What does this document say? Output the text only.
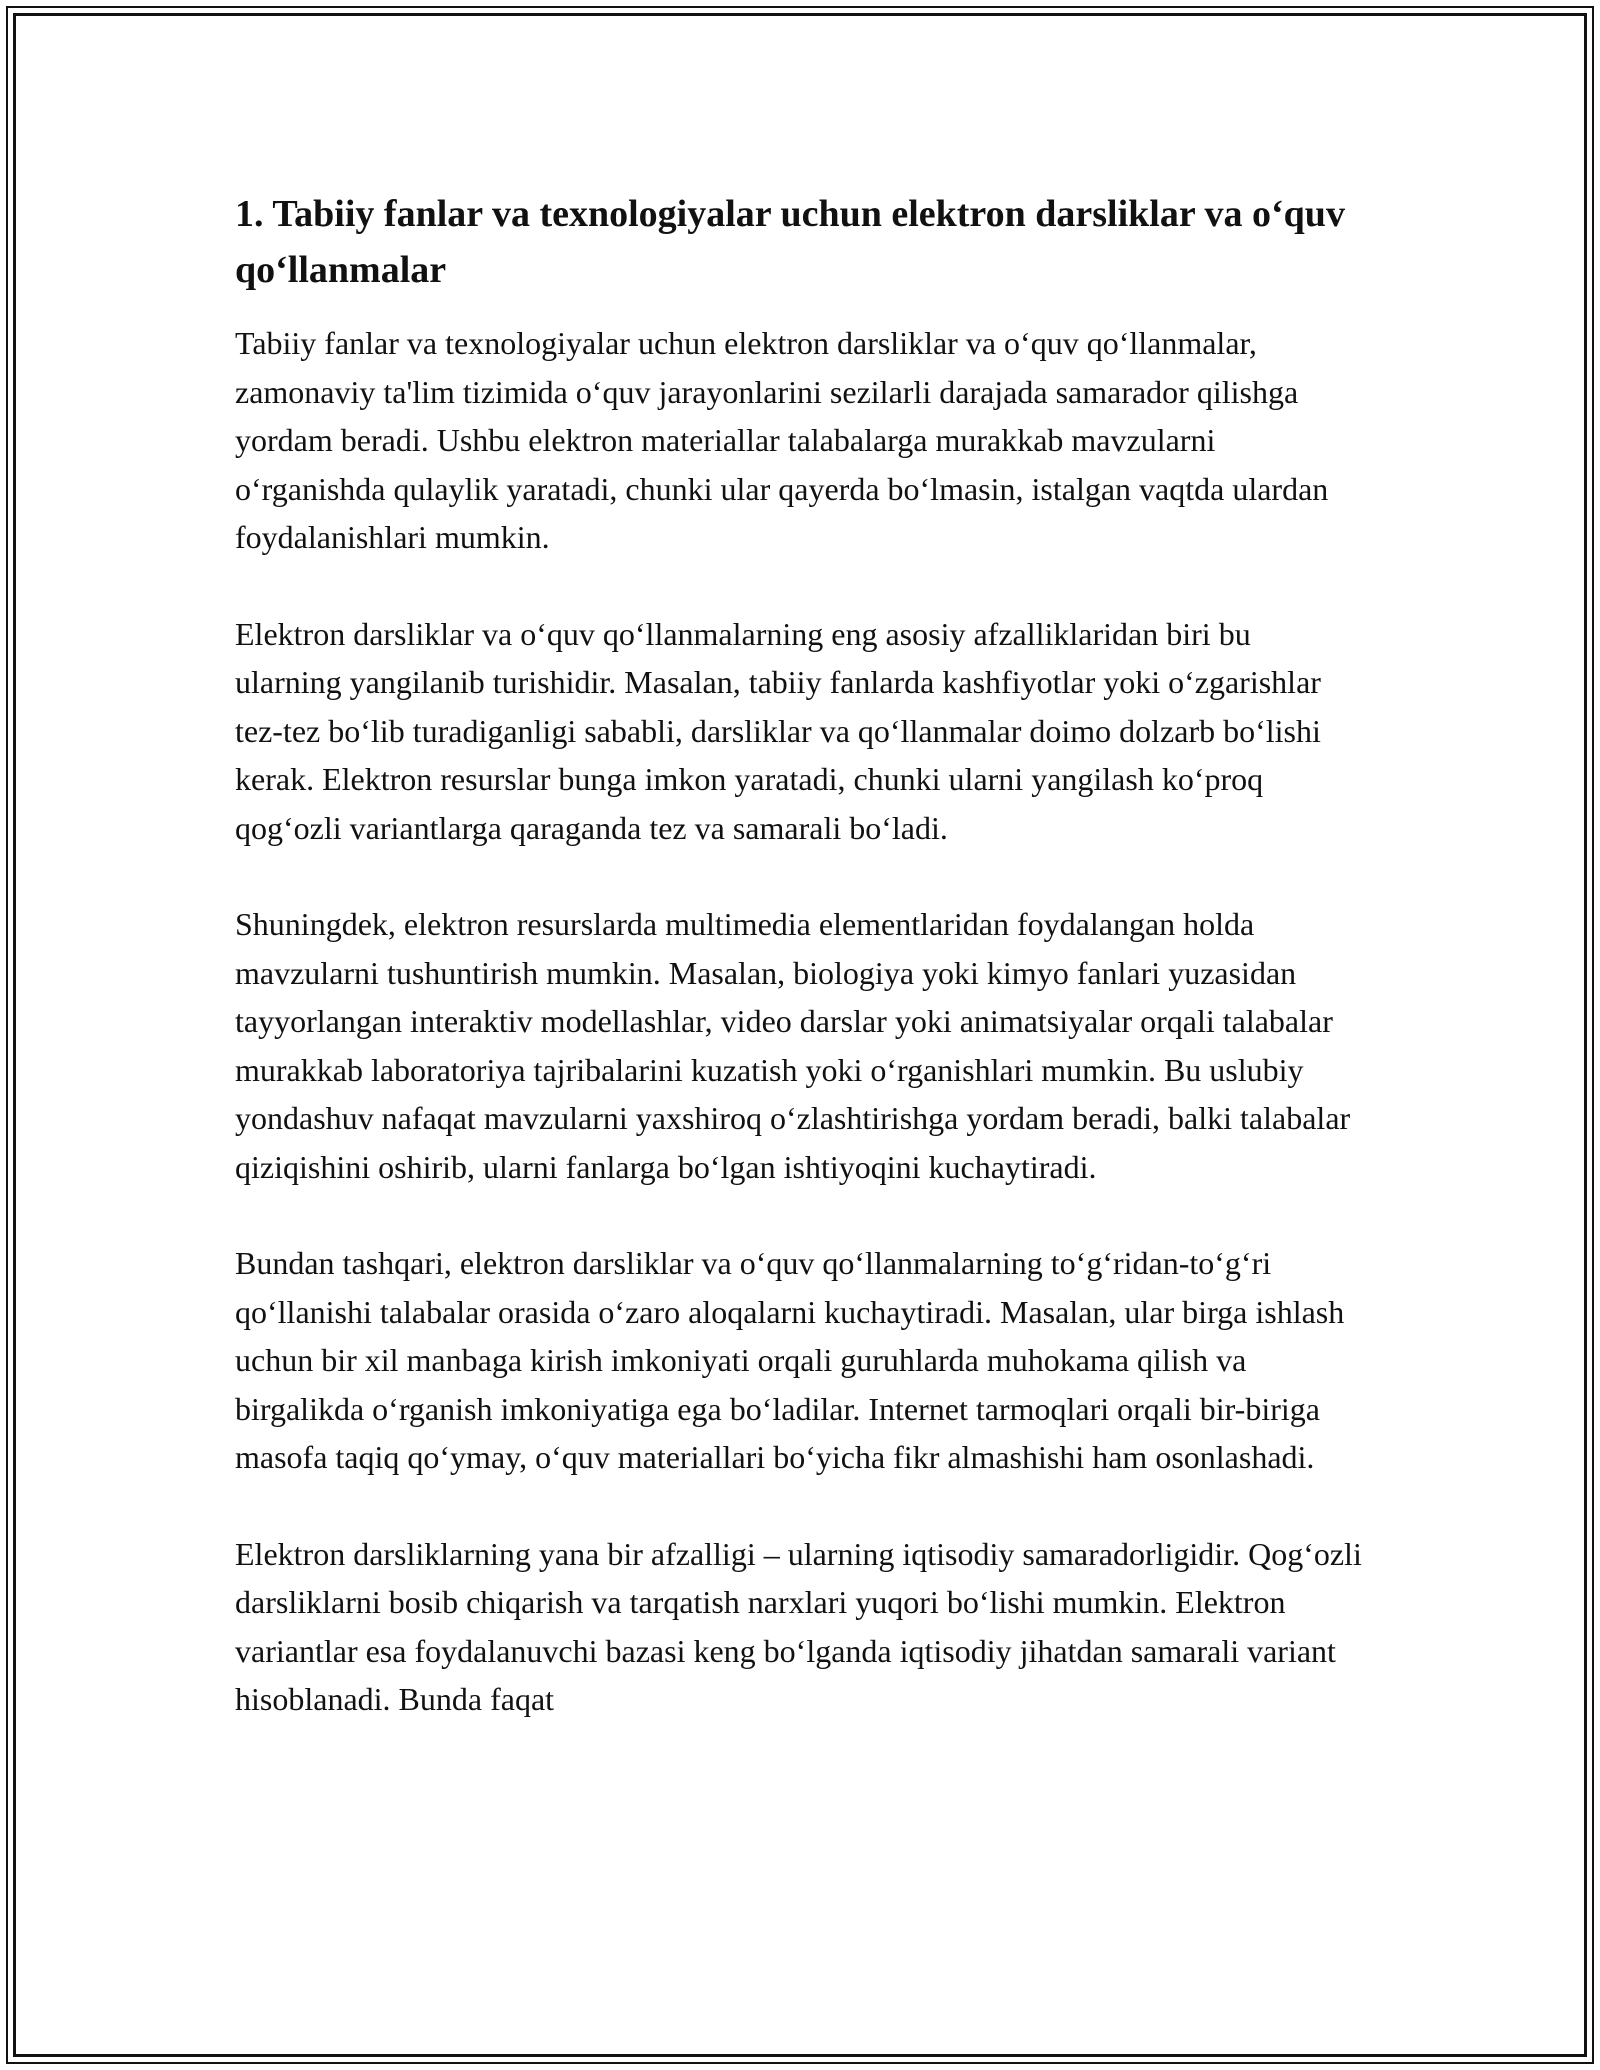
1. Tabiiy fanlar va texnologiyalar uchun elektron darsliklar va o‘quv qo‘llanmalar

Tabiiy fanlar va texnologiyalar uchun elektron darsliklar va o‘quv qo‘llanmalar, zamonaviy ta'lim tizimida o‘quv jarayonlarini sezilarli darajada samarador qilishga yordam beradi. Ushbu elektron materiallar talabalarga murakkab mavzularni o‘rganishda qulaylik yaratadi, chunki ular qayerda bo‘lmasin, istalgan vaqtda ulardan foydalanishlari mumkin.

Elektron darsliklar va o‘quv qo‘llanmalarning eng asosiy afzalliklaridan biri bu ularning yangilanib turishidir. Masalan, tabiiy fanlarda kashfiyotlar yoki o‘zgarishlar tez-tez bo‘lib turadiganligi sababli, darsliklar va qo‘llanmalar doimo dolzarb bo‘lishi kerak. Elektron resurslar bunga imkon yaratadi, chunki ularni yangilash ko‘proq qog‘ozli variantlarga qaraganda tez va samarali bo‘ladi.

Shuningdek, elektron resurslarda multimedia elementlaridan foydalangan holda mavzularni tushuntirish mumkin. Masalan, biologiya yoki kimyo fanlari yuzasidan tayyorlangan interaktiv modellashlar, video darslar yoki animatsiyalar orqali talabalar murakkab laboratoriya tajribalarini kuzatish yoki o‘rganishlari mumkin. Bu uslubiy yondashuv nafaqat mavzularni yaxshiroq o‘zlashtirishga yordam beradi, balki talabalar qiziqishini oshirib, ularni fanlarga bo‘lgan ishtiyoqini kuchaytiradi.

Bundan tashqari, elektron darsliklar va o‘quv qo‘llanmalarning to‘g‘ridan-to‘g‘ri qo‘llanishi talabalar orasida o‘zaro aloqalarni kuchaytiradi. Masalan, ular birga ishlash uchun bir xil manbaga kirish imkoniyati orqali guruhlarda muhokama qilish va birgalikda o‘rganish imkoniyatiga ega bo‘ladilar. Internet tarmoqlari orqali bir-biriga masofa taqiq qo‘ymay, o‘quv materiallari bo‘yicha fikr almashishi ham osonlashadi.

Elektron darsliklarning yana bir afzalligi – ularning iqtisodiy samaradorligidir. Qog‘ozli darsliklarni bosib chiqarish va tarqatish narxlari yuqori bo‘lishi mumkin. Elektron variantlar esa foydalanuvchi bazasi keng bo‘lganda iqtisodiy jihatdan samarali variant hisoblanadi. Bunda faqat
